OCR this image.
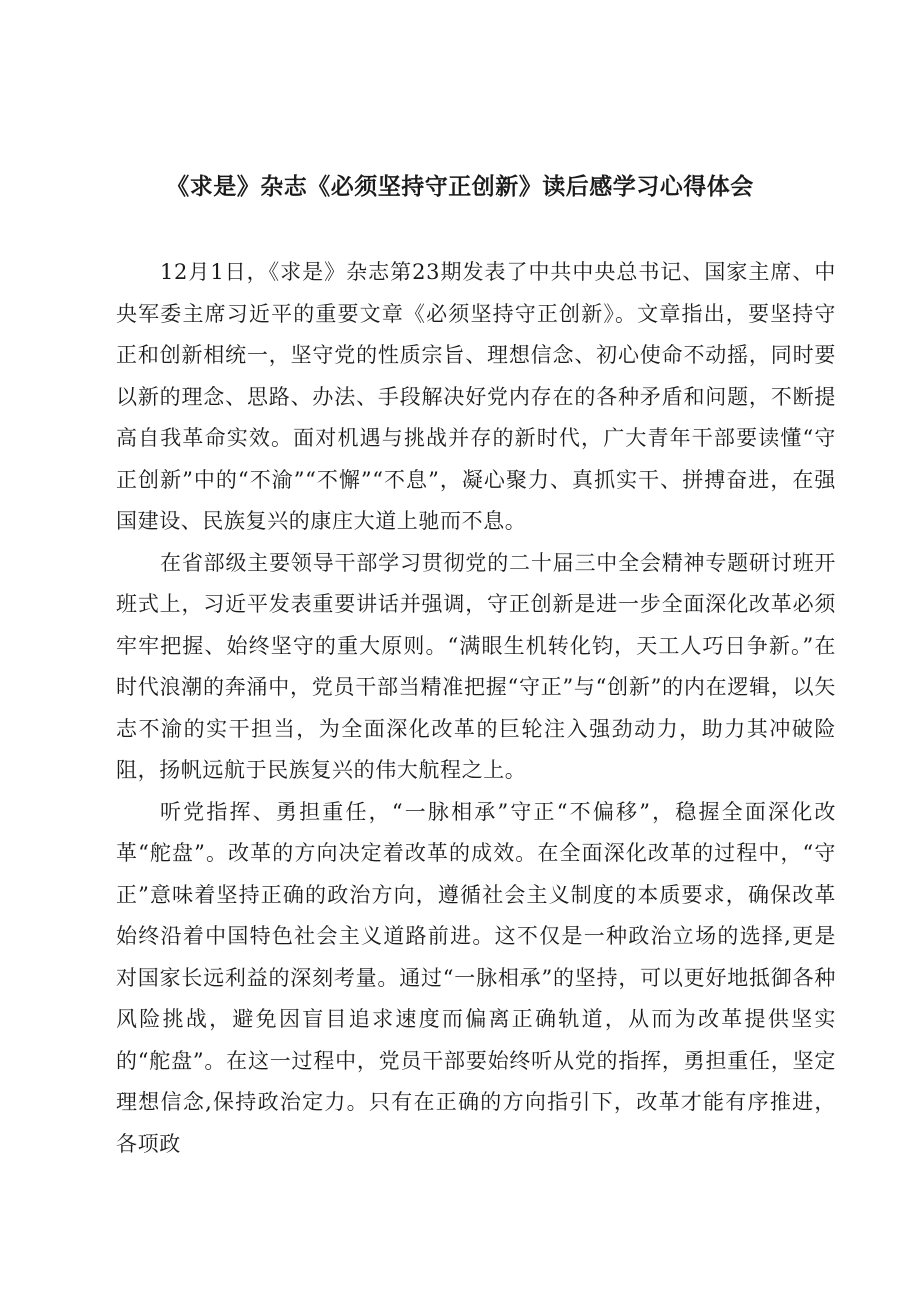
《求是》杂志《必须坚持守正创新》读后感学习心得体会

12月1日，《求是》杂志第23期发表了中共中央总书记、国家主席、中央军委主席习近平的重要文章《必须坚持守正创新》。文章指出，要坚持守正和创新相统一，坚守党的性质宗旨、理想信念、初心使命不动摇，同时要以新的理念、思路、办法、手段解决好党内存在的各种矛盾和问题，不断提高自我革命实效。面对机遇与挑战并存的新时代，广大青年干部要读懂“守正创新”中的“不渝”“不懈”“不息”，凝心聚力、真抓实干、拼搏奋进，在强国建设、民族复兴的康庄大道上驰而不息。

在省部级主要领导干部学习贯彻党的二十届三中全会精神专题研讨班开班式上，习近平发表重要讲话并强调，守正创新是进一步全面深化改革必须牢牢把握、始终坚守的重大原则。“满眼生机转化钧，天工人巧日争新。”在时代浪潮的奔涌中，党员干部当精准把握“守正”与“创新”的内在逻辑，以矢志不渝的实干担当，为全面深化改革的巨轮注入强劲动力，助力其冲破险阻，扬帆远航于民族复兴的伟大航程之上。

听党指挥、勇担重任，“一脉相承”守正“不偏移”，稳握全面深化改革“舵盘”。改革的方向决定着改革的成效。在全面深化改革的过程中，“守正”意味着坚持正确的政治方向，遵循社会主义制度的本质要求，确保改革始终沿着中国特色社会主义道路前进。这不仅是一种政治立场的选择,更是对国家长远利益的深刻考量。通过“一脉相承”的坚持，可以更好地抵御各种风险挑战，避免因盲目追求速度而偏离正确轨道，从而为改革提供坚实的“舵盘”。在这一过程中，党员干部要始终听从党的指挥，勇担重任，坚定理想信念,保持政治定力。只有在正确的方向指引下，改革才能有序推进，各项政
